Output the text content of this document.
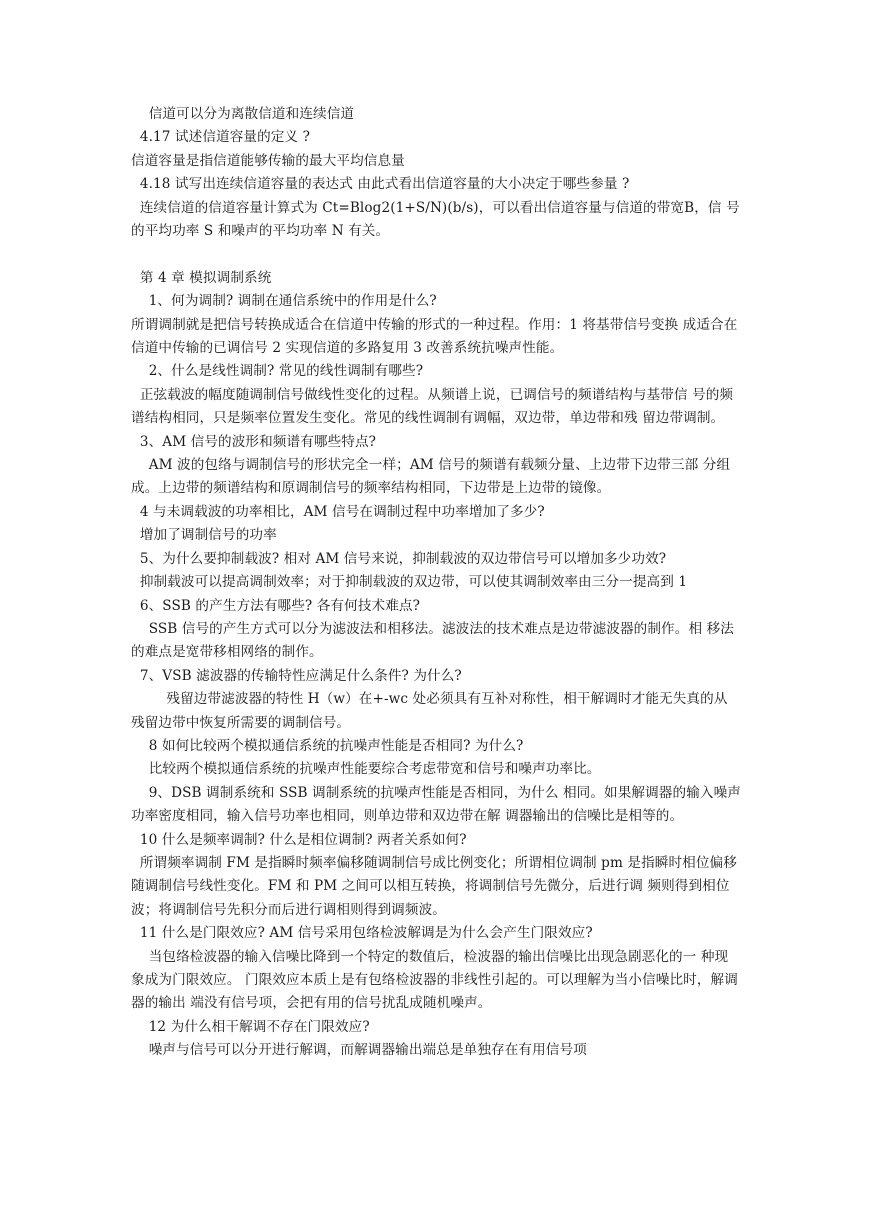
信道可以分为离散信道和连续信道
4.17 试述信道容量的定义 ?
信道容量是指信道能够传输的最大平均信息量
4.18 试写出连续信道容量的表达式 由此式看出信道容量的大小决定于哪些参量 ?
连续信道的信道容量计算式为 Ct=Blog2(1+S/N)(b/s)，可以看出信道容量与信道的带宽B，信 号的平均功率 S 和噪声的平均功率 N 有关。
第 4 章 模拟调制系统
1、何为调制? 调制在通信系统中的作用是什么?
所谓调制就是把信号转换成适合在信道中传输的形式的一种过程。作用：1 将基带信号变换 成适合在信道中传输的已调信号 2 实现信道的多路复用 3 改善系统抗噪声性能。
2、什么是线性调制? 常见的线性调制有哪些?
正弦载波的幅度随调制信号做线性变化的过程。从频谱上说，已调信号的频谱结构与基带信 号的频谱结构相同，只是频率位置发生变化。常见的线性调制有调幅，双边带，单边带和残 留边带调制。
3、AM 信号的波形和频谱有哪些特点?
AM 波的包络与调制信号的形状完全一样；AM 信号的频谱有载频分量、上边带下边带三部 分组成。上边带的频谱结构和原调制信号的频率结构相同，下边带是上边带的镜像。
4 与未调载波的功率相比，AM 信号在调制过程中功率增加了多少?
增加了调制信号的功率
5、为什么要抑制载波? 相对 AM 信号来说，抑制载波的双边带信号可以增加多少功效?
抑制载波可以提高调制效率；对于抑制载波的双边带，可以使其调制效率由三分一提高到 1
6、SSB 的产生方法有哪些? 各有何技术难点?
SSB 信号的产生方式可以分为滤波法和相移法。滤波法的技术难点是边带滤波器的制作。相 移法的难点是宽带移相网络的制作。
7、VSB 滤波器的传输特性应满足什么条件? 为什么?
残留边带滤波器的特性 H（w）在+-wc 处必须具有互补对称性，相干解调时才能无失真的从 残留边带中恢复所需要的调制信号。
8 如何比较两个模拟通信系统的抗噪声性能是否相同? 为什么?
比较两个模拟通信系统的抗噪声性能要综合考虑带宽和信号和噪声功率比。
9、DSB 调制系统和 SSB 调制系统的抗噪声性能是否相同，为什么 相同。如果解调器的输入噪声功率密度相同，输入信号功率也相同，则单边带和双边带在解 调器输出的信噪比是相等的。
10 什么是频率调制? 什么是相位调制? 两者关系如何?
所谓频率调制 FM 是指瞬时频率偏移随调制信号成比例变化；所谓相位调制 pm 是指瞬时相位偏移随调制信号线性变化。FM 和 PM 之间可以相互转换，将调制信号先微分，后进行调 频则得到相位波；将调制信号先积分而后进行调相则得到调频波。
11 什么是门限效应? AM 信号采用包络检波解调是为什么会产生门限效应?
当包络检波器的输入信噪比降到一个特定的数值后，检波器的输出信噪比出现急剧恶化的一 种现象成为门限效应。 门限效应本质上是有包络检波器的非线性引起的。可以理解为当小信噪比时，解调器的输出 端没有信号项，会把有用的信号扰乱成随机噪声。
12 为什么相干解调不存在门限效应?
噪声与信号可以分开进行解调，而解调器输出端总是单独存在有用信号项
